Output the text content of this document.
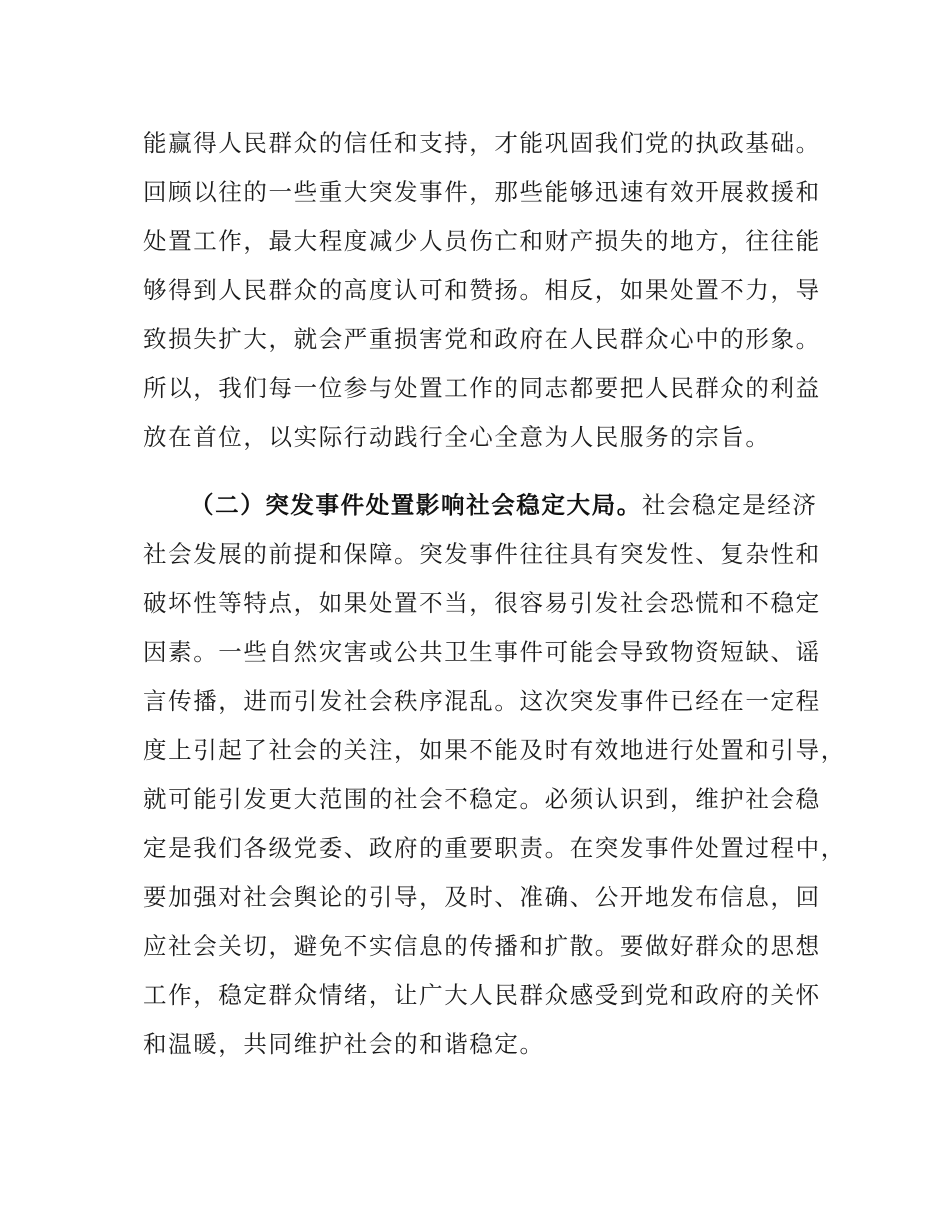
能赢得人民群众的信任和支持，才能巩固我们党的执政基础。
回顾以往的一些重大突发事件，那些能够迅速有效开展救援和
处置工作，最大程度减少人员伤亡和财产损失的地方，往往能
够得到人民群众的高度认可和赞扬。相反，如果处置不力，导
致损失扩大，就会严重损害党和政府在人民群众心中的形象。
所以，我们每一位参与处置工作的同志都要把人民群众的利益
放在首位，以实际行动践行全心全意为人民服务的宗旨。
（二）突发事件处置影响社会稳定大局。社会稳定是经济
社会发展的前提和保障。突发事件往往具有突发性、复杂性和
破坏性等特点，如果处置不当，很容易引发社会恐慌和不稳定
因素。一些自然灾害或公共卫生事件可能会导致物资短缺、谣
言传播，进而引发社会秩序混乱。这次突发事件已经在一定程
度上引起了社会的关注，如果不能及时有效地进行处置和引导，
就可能引发更大范围的社会不稳定。必须认识到，维护社会稳
定是我们各级党委、政府的重要职责。在突发事件处置过程中，
要加强对社会舆论的引导，及时、准确、公开地发布信息，回
应社会关切，避免不实信息的传播和扩散。要做好群众的思想
工作，稳定群众情绪，让广大人民群众感受到党和政府的关怀
和温暖，共同维护社会的和谐稳定。
